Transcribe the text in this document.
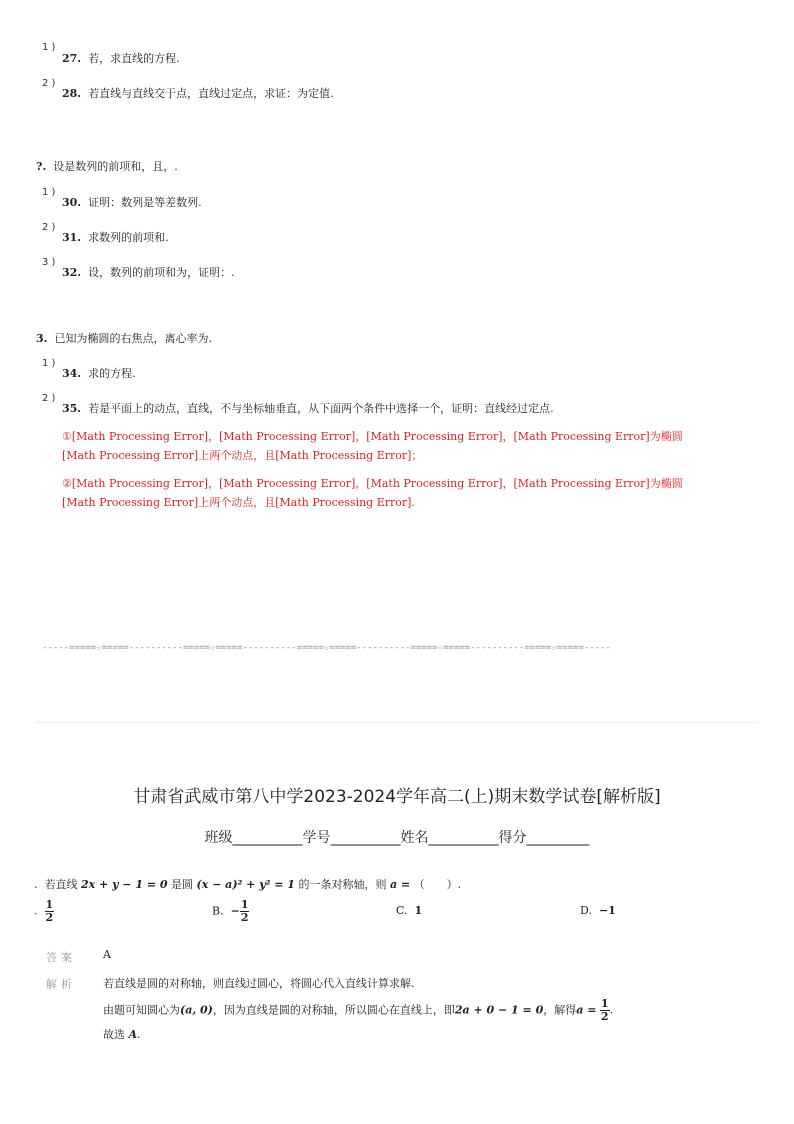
1 )
27. 若，求直线的方程.
2 )
28. 若直线与直线交于点，直线过定点，求证：为定值.
?. 设是数列的前项和，且，.
1 )
30. 证明：数列是等差数列.
2 )
31. 求数列的前项和.
3 )
32. 设，数列的前项和为，证明：.
3. 已知为椭圆的右焦点，离心率为.
1 )
34. 求的方程.
2 )
35. 若是平面上的动点，直线，不与坐标轴垂直，从下面两个条件中选择一个，证明：直线经过定点.
①[Math Processing Error]，[Math Processing Error]，[Math Processing Error]，[Math Processing Error]为椭圆
[Math Processing Error]上两个动点，且[Math Processing Error]；
②[Math Processing Error]，[Math Processing Error]，[Math Processing Error]，[Math Processing Error]为椭圆
[Math Processing Error]上两个动点，且[Math Processing Error].
-----=====☆=====----------=====☆=====----------=====☆=====----------=====☆=====----------=====☆=====-----
甘肃省武威市第八中学2023-2024学年高二(上)期末数学试卷[解析版]
班级__________学号__________姓名__________得分_________
. 若直线 2x + y − 1 = 0 是圆 (x − a)² + y² = 1 的一条对称轴，则 a = （　　）.
. $\frac{1}{2}$	B. − $\frac{1}{2}$	C. 1	D. −1
答案 A
解析 若直线是圆的对称轴，则直线过圆心，将圆心代入直线计算求解.
由题可知圆心为(a, 0)，因为直线是圆的对称轴，所以圆心在直线上，即2a + 0 − 1 = 0，解得$a = \frac{1}{2}$ .
故选 A.
